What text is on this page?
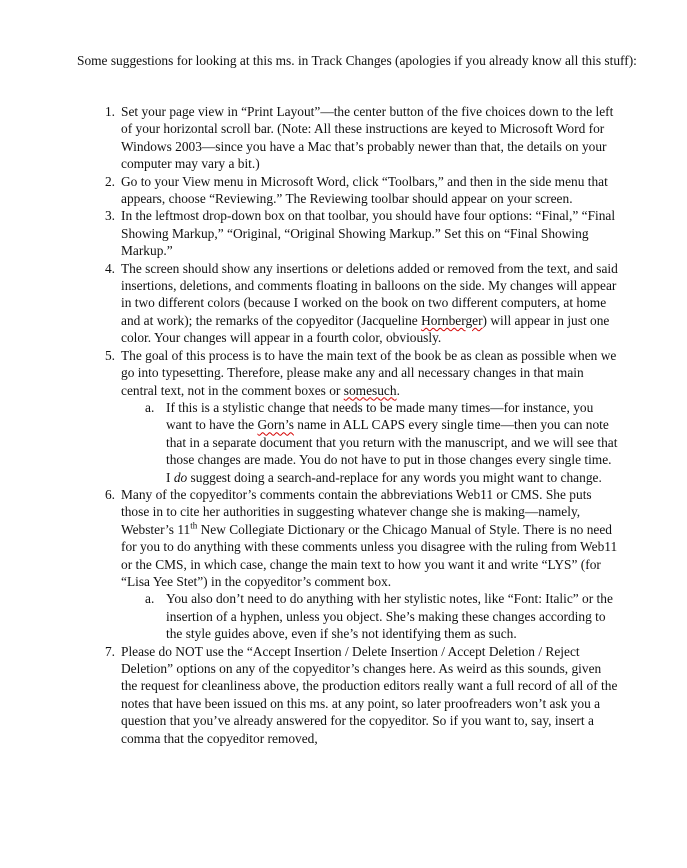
Some suggestions for looking at this ms. in Track Changes (apologies if you already know all this stuff):

Set your page view in “Print Layout”—the center button of the five choices down to the left of your horizontal scroll bar. (Note: All these instructions are keyed to Microsoft Word for Windows 2003—since you have a Mac that’s probably newer than that, the details on your computer may vary a bit.)
Go to your View menu in Microsoft Word, click “Toolbars,” and then in the side menu that appears, choose “Reviewing.” The Reviewing toolbar should appear on your screen.
In the leftmost drop-down box on that toolbar, you should have four options: “Final,” “Final Showing Markup,” “Original, “Original Showing Markup.” Set this on “Final Showing Markup.”
The screen should show any insertions or deletions added or removed from the text, and said insertions, deletions, and comments floating in balloons on the side. My changes will appear in two different colors (because I worked on the book on two different computers, at home and at work); the remarks of the copyeditor (Jacqueline Hornberger) will appear in just one color. Your changes will appear in a fourth color, obviously.
The goal of this process is to have the main text of the book be as clean as possible when we go into typesetting. Therefore, please make any and all necessary changes in that main central text, not in the comment boxes or somesuch.
If this is a stylistic change that needs to be made many times—for instance, you want to have the Gorn’s name in ALL CAPS every single time—then you can note that in a separate document that you return with the manuscript, and we will see that those changes are made. You do not have to put in those changes every single time. I do suggest doing a search-and-replace for any words you might want to change.
Many of the copyeditor’s comments contain the abbreviations Web11 or CMS. She puts those in to cite her authorities in suggesting whatever change she is making—namely, Webster’s 11th New Collegiate Dictionary or the Chicago Manual of Style. There is no need for you to do anything with these comments unless you disagree with the ruling from Web11 or the CMS, in which case, change the main text to how you want it and write “LYS” (for “Lisa Yee Stet”) in the copyeditor’s comment box.
You also don’t need to do anything with her stylistic notes, like “Font: Italic” or the insertion of a hyphen, unless you object. She’s making these changes according to the style guides above, even if she’s not identifying them as such.
Please do NOT use the “Accept Insertion / Delete Insertion / Accept Deletion / Reject Deletion” options on any of the copyeditor’s changes here. As weird as this sounds, given the request for cleanliness above, the production editors really want a full record of all of the notes that have been issued on this ms. at any point, so later proofreaders won’t ask you a question that you’ve already answered for the copyeditor. So if you want to, say, insert a comma that the copyeditor removed,
